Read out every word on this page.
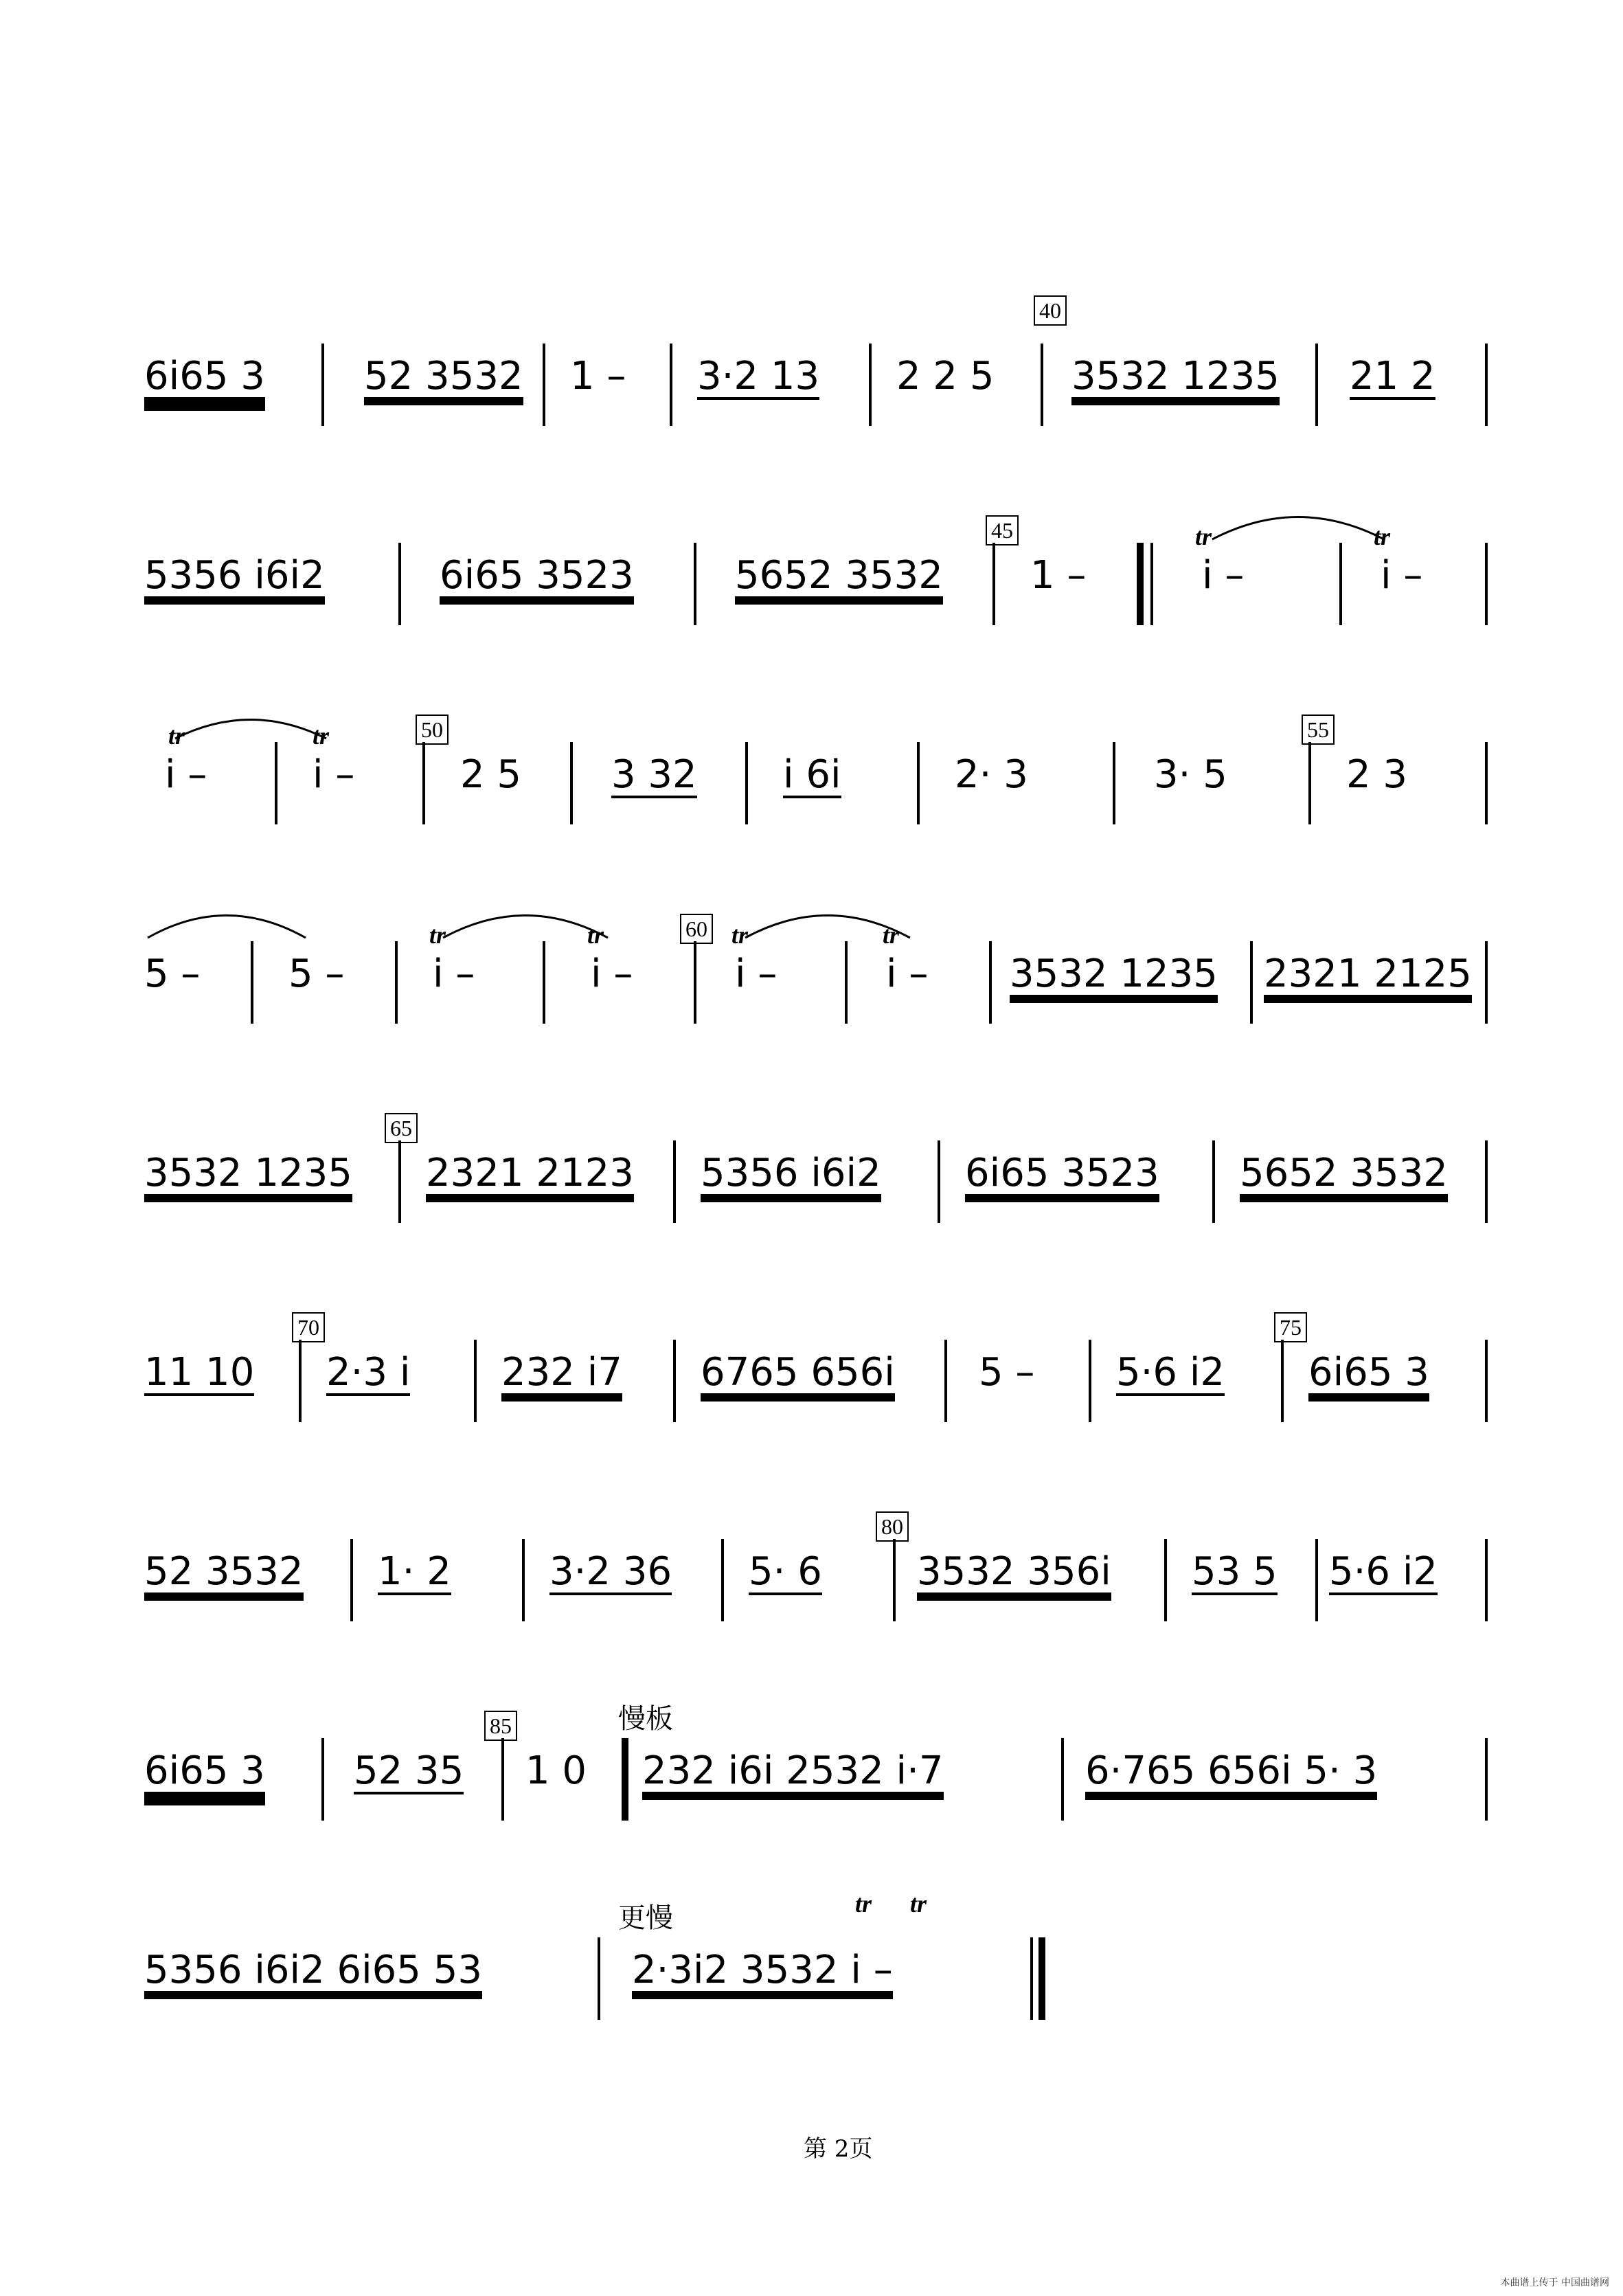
6i65 3	52 3532 1 – 3·2 13 2 2 5
40
3532 1235 21 2
5356 i6i2	6i65 3523	5652 3532
45
1 –
tr
i –
tr
i –
tr
i –
tr
i –
50
2 5 3 32 i 6i	2· 3	3· 5
55
2 3
5 – 5 –
tr
i –
tr
i –
60 tr
i –
tr
i – 3532 1235 2321 2125
3532 1235
65
2321 2123 5356 i6i2 6i65 3523 5652 3532
11 10
70
2·3 i 232 i7 6765 656i 5 – 5·6 i2
75
6i65 3
52 3532 1· 2	3·2 36 5· 6
80
3532 356i 53 5 5·6 i2
6i65 3 52 35
85
1 0
慢板
232 i6i 2532 i·7	6·765 656i 5· 3
5356 i6i2 6i65 53
更慢	tr tr
2·3i2 3532 i –
第 2页
本曲谱上传于 中国曲谱网
